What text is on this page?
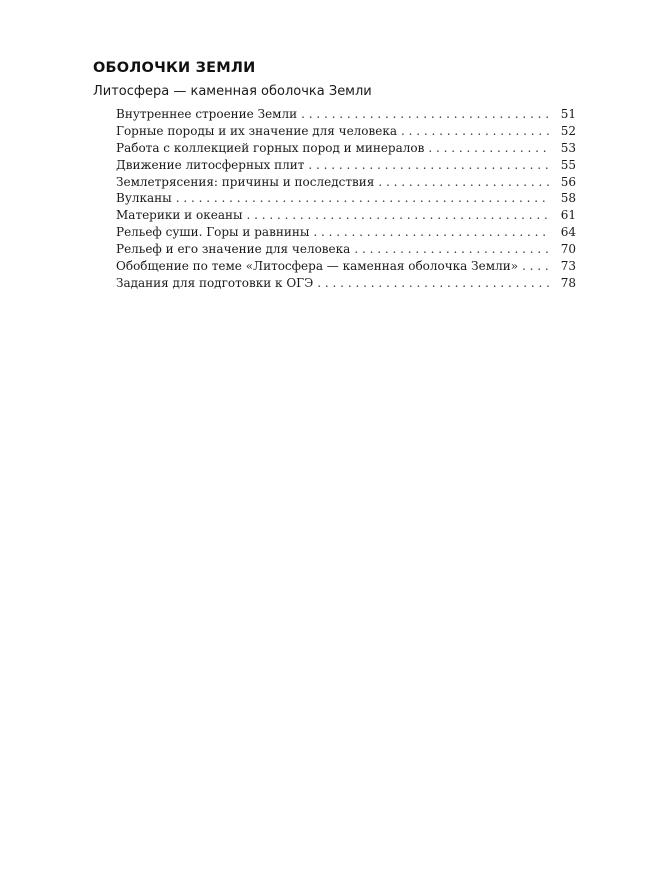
ОБОЛОЧКИ ЗЕМЛИ
Литосфера — каменная оболочка Земли
Внутреннее строение Земли . . .	51
Горные породы и их значение для человека . . .	52
Работа с коллекцией горных пород и минералов . . .	53
Движение литосферных плит . . .	55
Землетрясения: причины и последствия . . .	56
Вулканы . . .	58
Материки и океаны . . .	61
Рельеф суши. Горы и равнины . . .	64
Рельеф и его значение для человека . . .	70
Обобщение по теме «Литосфера — каменная оболочка Земли» . . .	73
Задания для подготовки к ОГЭ . . .	78
